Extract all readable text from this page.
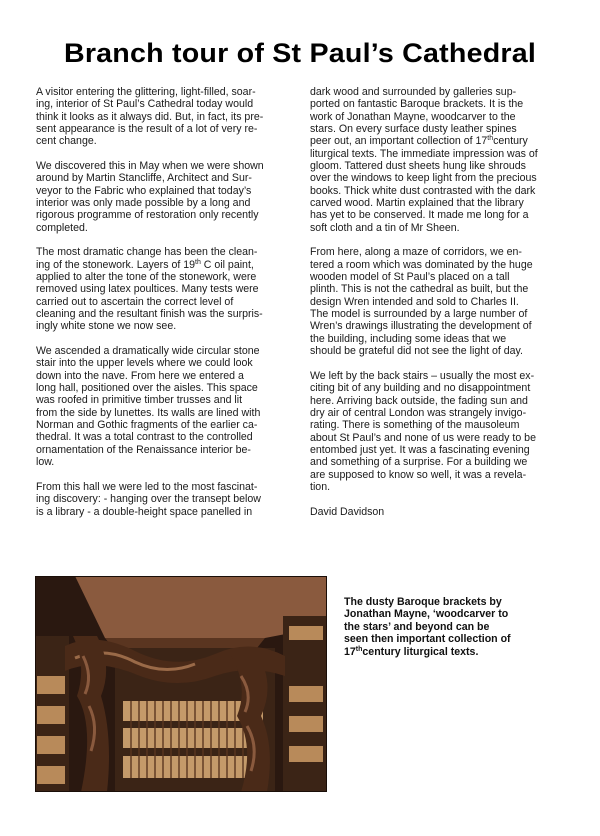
Branch tour of St Paul’s Cathedral

A visitor entering the glittering, light-filled, soar-
ing, interior of St Paul’s Cathedral today would
think it looks as it always did. But, in fact, its pre-
sent appearance is the result of a lot of very re-
cent change.

We discovered this in May when we were shown
around by Martin Stancliffe, Architect and Sur-
veyor to the Fabric who explained that today’s
interior was only made possible by a long and
rigorous programme of restoration only recently
completed.

The most dramatic change has been the clean-
ing of the stonework. Layers of 19th C oil paint,
applied to alter the tone of the stonework, were
removed using latex poultices. Many tests were
carried out to ascertain the correct level of
cleaning and the resultant finish was the surpris-
ingly white stone we now see.

We ascended a dramatically wide circular stone
stair into the upper levels where we could look
down into the nave. From here we entered a
long hall, positioned over the aisles. This space
was roofed in primitive timber trusses and lit
from the side by lunettes. Its walls are lined with
Norman and Gothic fragments of the earlier ca-
thedral. It was a total contrast to the controlled
ornamentation of the Renaissance interior be-
low.

From this hall we were led to the most fascinat-
ing discovery: - hanging over the transept below
is a library - a double-height space panelled in

dark wood and surrounded by galleries sup-
ported on fantastic Baroque brackets. It is the
work of Jonathan Mayne, woodcarver to the
stars. On every surface dusty leather spines
peer out, an important collection of 17thcentury
liturgical texts. The immediate impression was of
gloom. Tattered dust sheets hung like shrouds
over the windows to keep light from the precious
books. Thick white dust contrasted with the dark
carved wood. Martin explained that the library
has yet to be conserved. It made me long for a
soft cloth and a tin of Mr Sheen.

From here, along a maze of corridors, we en-
tered a room which was dominated by the huge
wooden model of St Paul’s placed on a tall
plinth. This is not the cathedral as built, but the
design Wren intended and sold to Charles II.
The model is surrounded by a large number of
Wren’s drawings illustrating the development of
the building, including some ideas that we
should be grateful did not see the light of day.

We left by the back stairs – usually the most ex-
citing bit of any building and no disappointment
here. Arriving back outside, the fading sun and
dry air of central London was strangely invigo-
rating. There is something of the mausoleum
about St Paul’s and none of us were ready to be
entombed just yet. It was a fascinating evening
and something of a surprise. For a building we
are supposed to know so well, it was a revela-
tion.

David Davidson

The dusty Baroque brackets by
Jonathan Mayne, ‘woodcarver to
the stars’ and beyond can be
seen then important collection of
17thcentury liturgical texts.
